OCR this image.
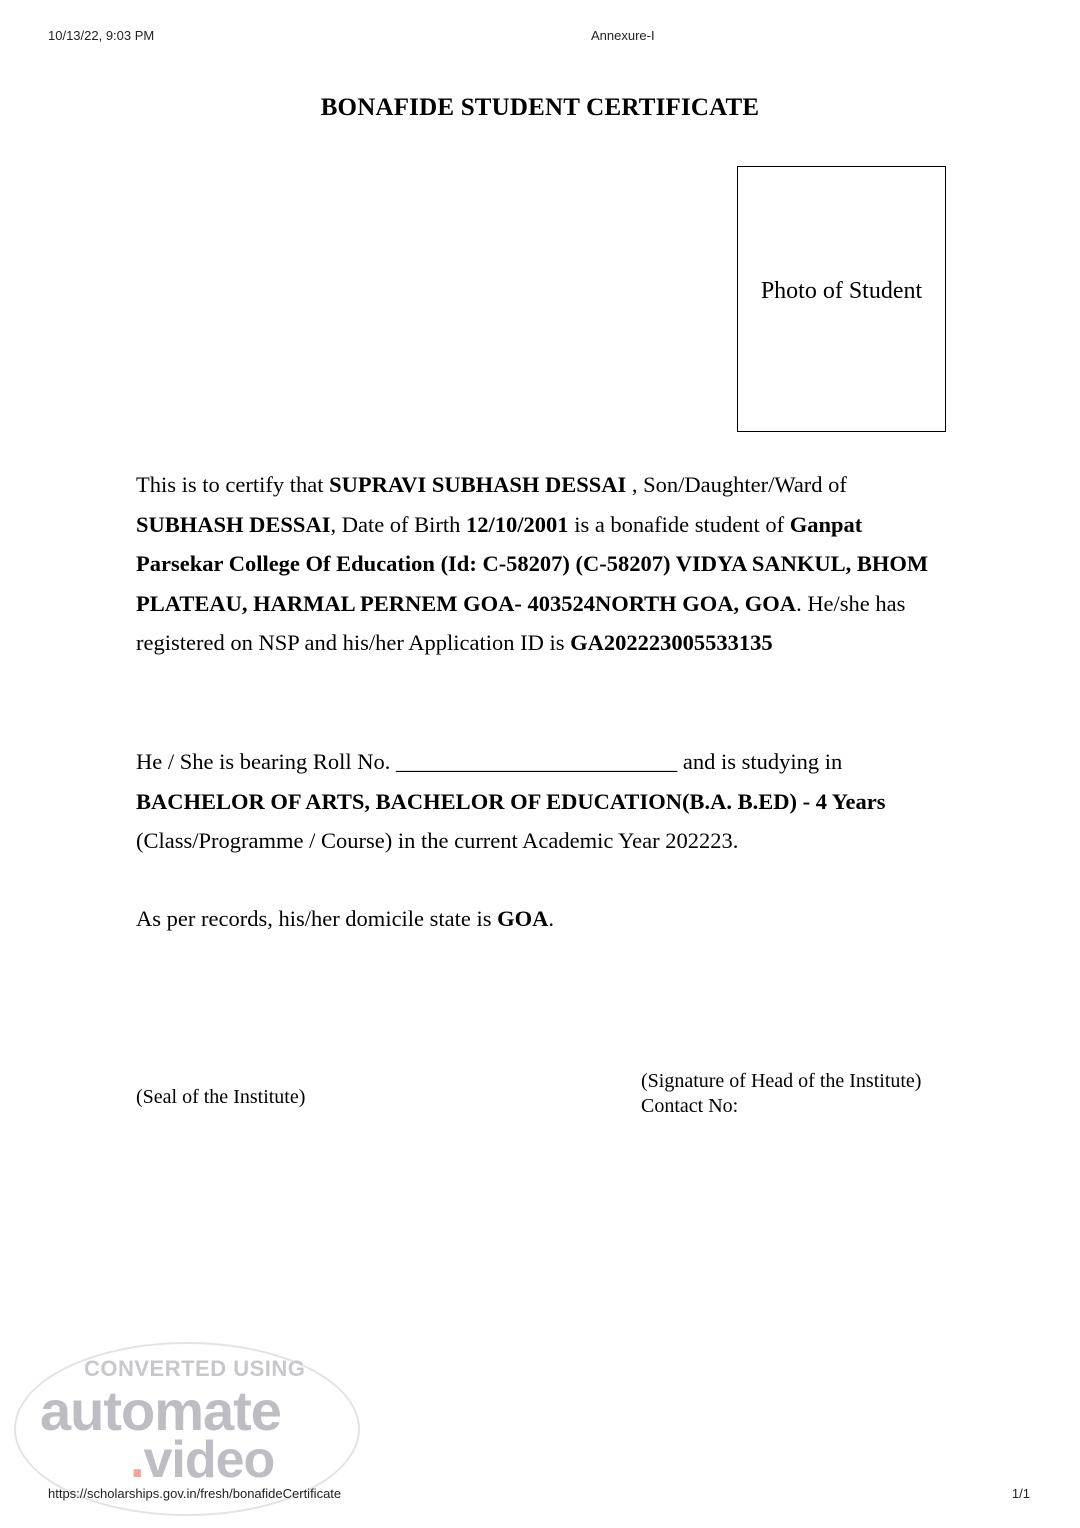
10/13/22, 9:03 PM	Annexure-I
BONAFIDE STUDENT CERTIFICATE
Photo of Student
This is to certify that SUPRAVI SUBHASH DESSAI , Son/Daughter/Ward of SUBHASH DESSAI, Date of Birth 12/10/2001 is a bonafide student of Ganpat Parsekar College Of Education (Id: C-58207) (C-58207) VIDYA SANKUL, BHOM PLATEAU, HARMAL PERNEM GOA- 403524NORTH GOA, GOA. He/she has registered on NSP and his/her Application ID is GA202223005533135
He / She is bearing Roll No. _________________________ and is studying in BACHELOR OF ARTS, BACHELOR OF EDUCATION(B.A. B.ED) - 4 Years (Class/Programme / Course) in the current Academic Year 202223.
As per records, his/her domicile state is GOA.
(Seal of the Institute)
(Signature of Head of the Institute)
Contact No:
CONVERTED USING
automate
.video
https://scholarships.gov.in/fresh/bonafideCertificate	1/1
